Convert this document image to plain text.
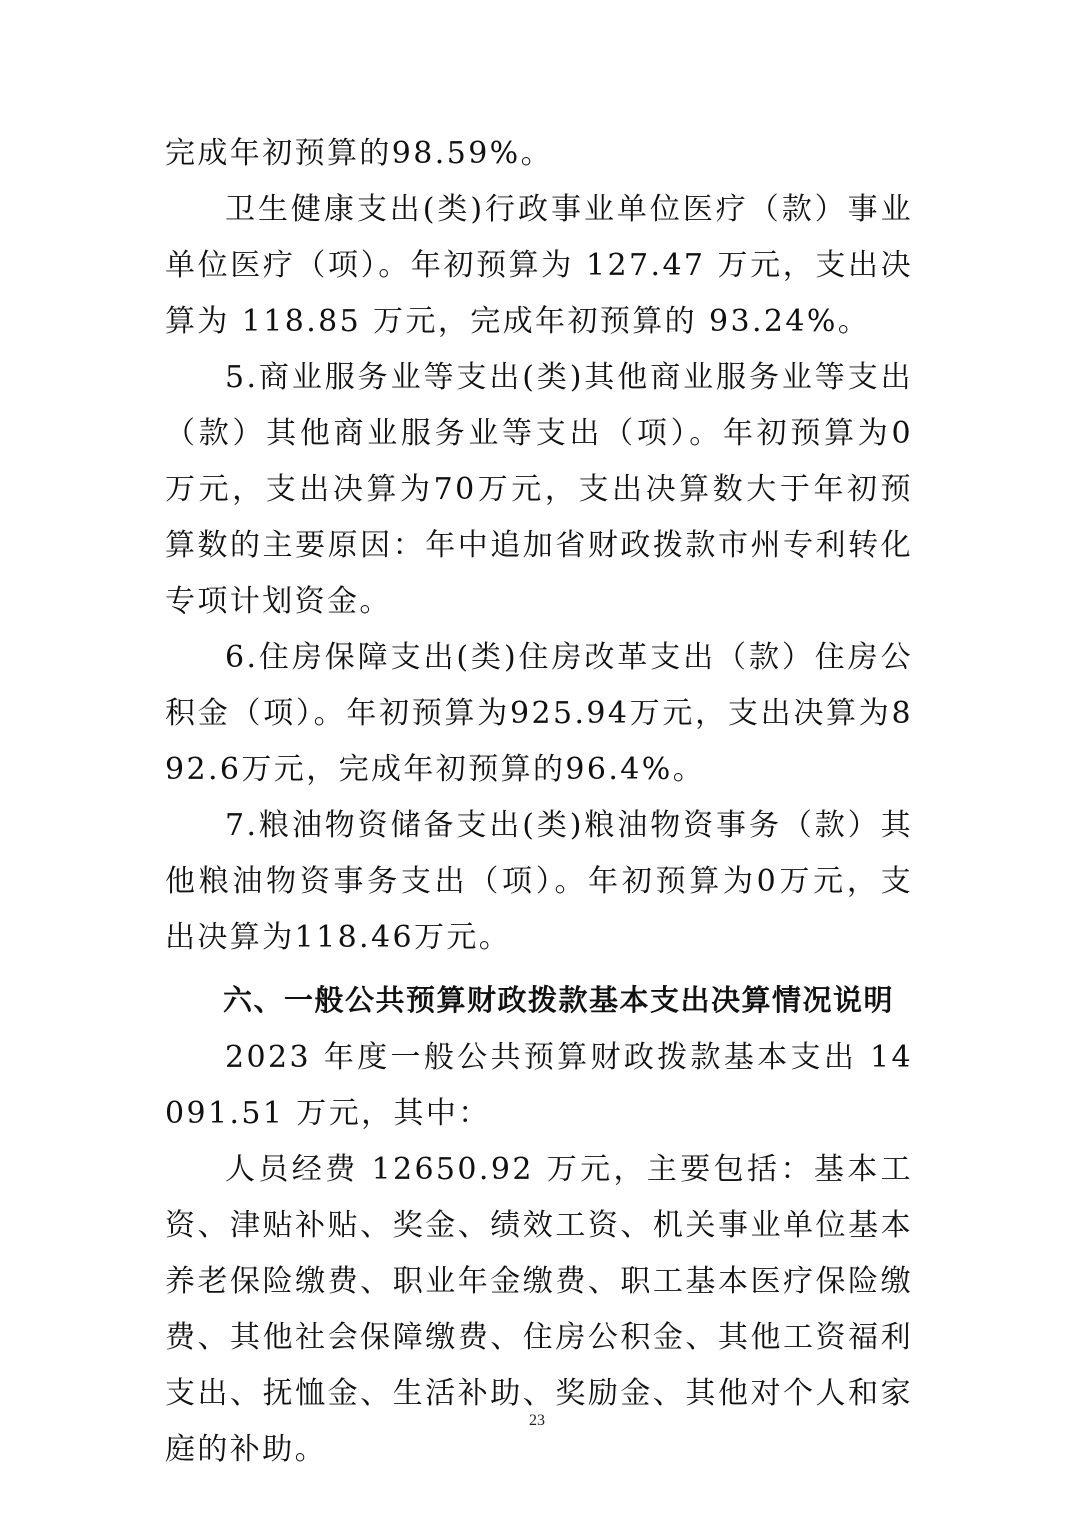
完成年初预算的98.59%。

卫生健康支出(类)行政事业单位医疗（款）事业单位医疗（项）。年初预算为 127.47 万元，支出决算为 118.85 万元，完成年初预算的 93.24%。

5.商业服务业等支出(类)其他商业服务业等支出（款）其他商业服务业等支出（项）。年初预算为0万元，支出决算为70万元，支出决算数大于年初预算数的主要原因：年中追加省财政拨款市州专利转化专项计划资金。

6.住房保障支出(类)住房改革支出（款）住房公积金（项）。年初预算为925.94万元，支出决算为892.6万元，完成年初预算的96.4%。

7.粮油物资储备支出(类)粮油物资事务（款）其他粮油物资事务支出（项）。年初预算为0万元，支出决算为118.46万元。

六、一般公共预算财政拨款基本支出决算情况说明

2023 年度一般公共预算财政拨款基本支出 14091.51 万元，其中：

人员经费 12650.92 万元，主要包括：基本工资、津贴补贴、奖金、绩效工资、机关事业单位基本养老保险缴费、职业年金缴费、职工基本医疗保险缴费、其他社会保障缴费、住房公积金、其他工资福利支出、抚恤金、生活补助、奖励金、其他对个人和家庭的补助。

23
